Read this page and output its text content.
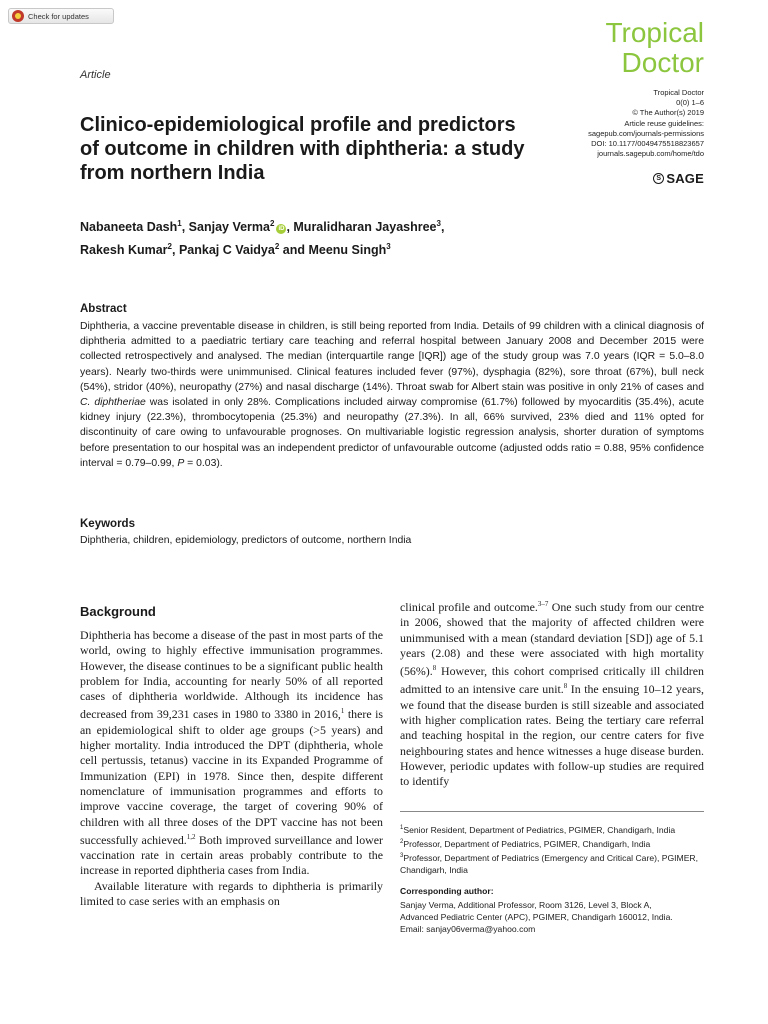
Check for updates
Tropical
Doctor
Tropical Doctor
0(0) 1–6
© The Author(s) 2019
Article reuse guidelines:
sagepub.com/journals-permissions
DOI: 10.1177/0049475518823657
journals.sagepub.com/home/tdo
S SAGE
Article
Clinico-epidemiological profile and predictors of outcome in children with diphtheria: a study from northern India
Nabaneeta Dash$^1$, Sanjay Verma$^2$iD , Muralidharan Jayashree$^3$,
Rakesh Kumar$^2$, Pankaj C Vaidya$^2$ and Meenu Singh$^3$
Abstract
Diphtheria, a vaccine preventable disease in children, is still being reported from India. Details of 99 children with a clinical diagnosis of diphtheria admitted to a paediatric tertiary care teaching and referral hospital between January 2008 and December 2015 were collected retrospectively and analysed. The median (interquartile range [IQR]) age of the study group was 7.0 years (IQR = 5.0–8.0 years). Nearly two-thirds were unimmunised. Clinical features included fever (97%), dysphagia (82%), sore throat (67%), bull neck (54%), stridor (40%), neuropathy (27%) and nasal discharge (14%). Throat swab for Albert stain was positive in only 21% of cases and C. diphtheriae was isolated in only 28%. Complications included airway compromise (61.7%) followed by myocarditis (35.4%), acute kidney injury (22.3%), thrombocytopenia (25.3%) and neuropathy (27.3%). In all, 66% survived, 23% died and 11% opted for discontinuity of care owing to unfavourable prognoses. On multivariable logistic regression analysis, shorter duration of symptoms before presentation to our hospital was an independent predictor of unfavourable outcome (adjusted odds ratio = 0.88, 95% confidence interval = 0.79–0.99, P = 0.03).
Keywords
Diphtheria, children, epidemiology, predictors of outcome, northern India
Background

Diphtheria has become a disease of the past in most parts of the world, owing to highly effective immunisation programmes. However, the disease continues to be a significant public health problem for India, accounting for nearly 50% of all reported cases of diphtheria worldwide. Although its incidence has decreased from 39,231 cases in 1980 to 3380 in 2016,$^1$ there is an epidemiological shift to older age groups (>5 years) and higher mortality. India introduced the DPT (diphtheria, whole cell pertussis, tetanus) vaccine in its Expanded Programme of Immunization (EPI) in 1978. Since then, despite different nomenclature of immunisation programmes and efforts to improve vaccine coverage, the target of covering 90% of children with all three doses of the DPT vaccine has not been successfully achieved.$^{1,2}$ Both improved surveillance and lower vaccination rate in certain areas probably contribute to the increase in reported diphtheria cases from India.

Available literature with regards to diphtheria is primarily limited to case series with an emphasis on

clinical profile and outcome.$^{3-7}$ One such study from our centre in 2006, showed that the majority of affected children were unimmunised with a mean (standard deviation [SD]) age of 5.1 years (2.08) and these were associated with high mortality (56%).$^8$ However, this cohort comprised critically ill children admitted to an intensive care unit.$^8$ In the ensuing 10–12 years, we found that the disease burden is still sizeable and associated with higher complication rates. Being the tertiary care referral and teaching hospital in the region, our centre caters for five neighbouring states and hence witnesses a huge disease burden. However, periodic updates with follow-up studies are required to identify

$^1$Senior Resident, Department of Pediatrics, PGIMER, Chandigarh, India
$^2$Professor, Department of Pediatrics, PGIMER, Chandigarh, India
$^3$Professor, Department of Pediatrics (Emergency and Critical Care), PGIMER, Chandigarh, India
Corresponding author:
Sanjay Verma, Additional Professor, Room 3126, Level 3, Block A,
Advanced Pediatric Center (APC), PGIMER, Chandigarh 160012, India.
Email: sanjay06verma@yahoo.com
